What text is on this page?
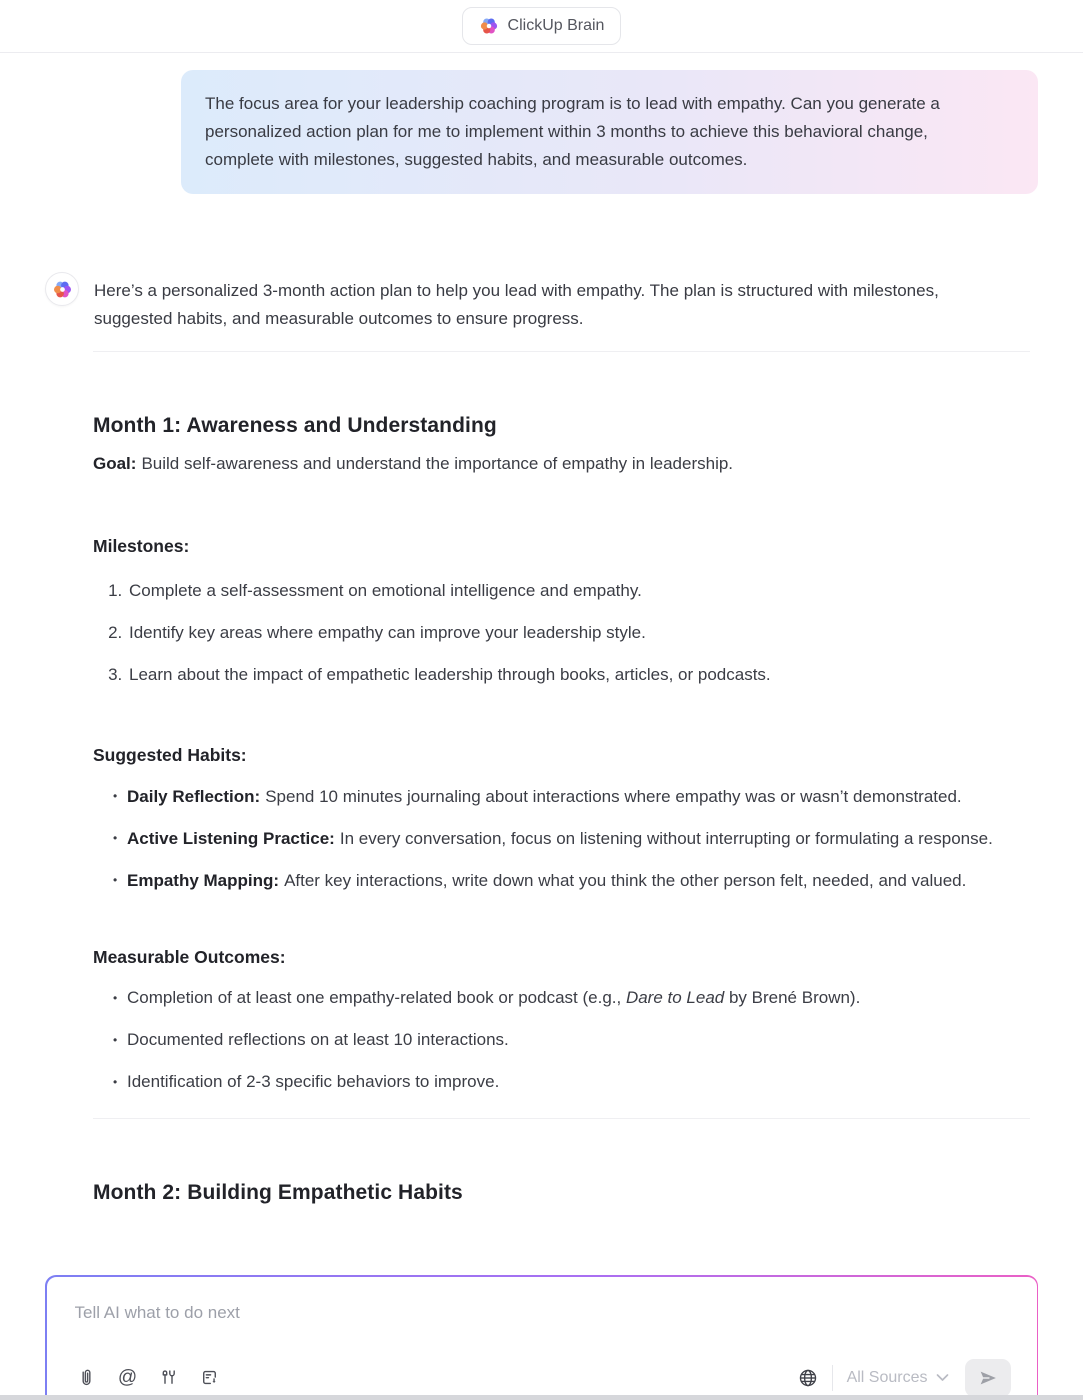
ClickUp Brain
The focus area for your leadership coaching program is to lead with empathy. Can you generate a personalized action plan for me to implement within 3 months to achieve this behavioral change, complete with milestones, suggested habits, and measurable outcomes.
Here’s a personalized 3-month action plan to help you lead with empathy. The plan is structured with milestones, suggested habits, and measurable outcomes to ensure progress.
Month 1: Awareness and Understanding

Goal: Build self-awareness and understand the importance of empathy in leadership.

Milestones:
1. Complete a self-assessment on emotional intelligence and empathy.
2. Identify key areas where empathy can improve your leadership style.
3. Learn about the impact of empathetic leadership through books, articles, or podcasts.
Suggested Habits:
• Daily Reflection: Spend 10 minutes journaling about interactions where empathy was or wasn’t demonstrated.
• Active Listening Practice: In every conversation, focus on listening without interrupting or formulating a response.
• Empathy Mapping: After key interactions, write down what you think the other person felt, needed, and valued.
Measurable Outcomes:
• Completion of at least one empathy-related book or podcast (e.g., Dare to Lead by Brené Brown).
• Documented reflections on at least 10 interactions.
• Identification of 2-3 specific behaviors to improve.
Month 2: Building Empathetic Habits
Tell AI what to do next
@	All Sources
